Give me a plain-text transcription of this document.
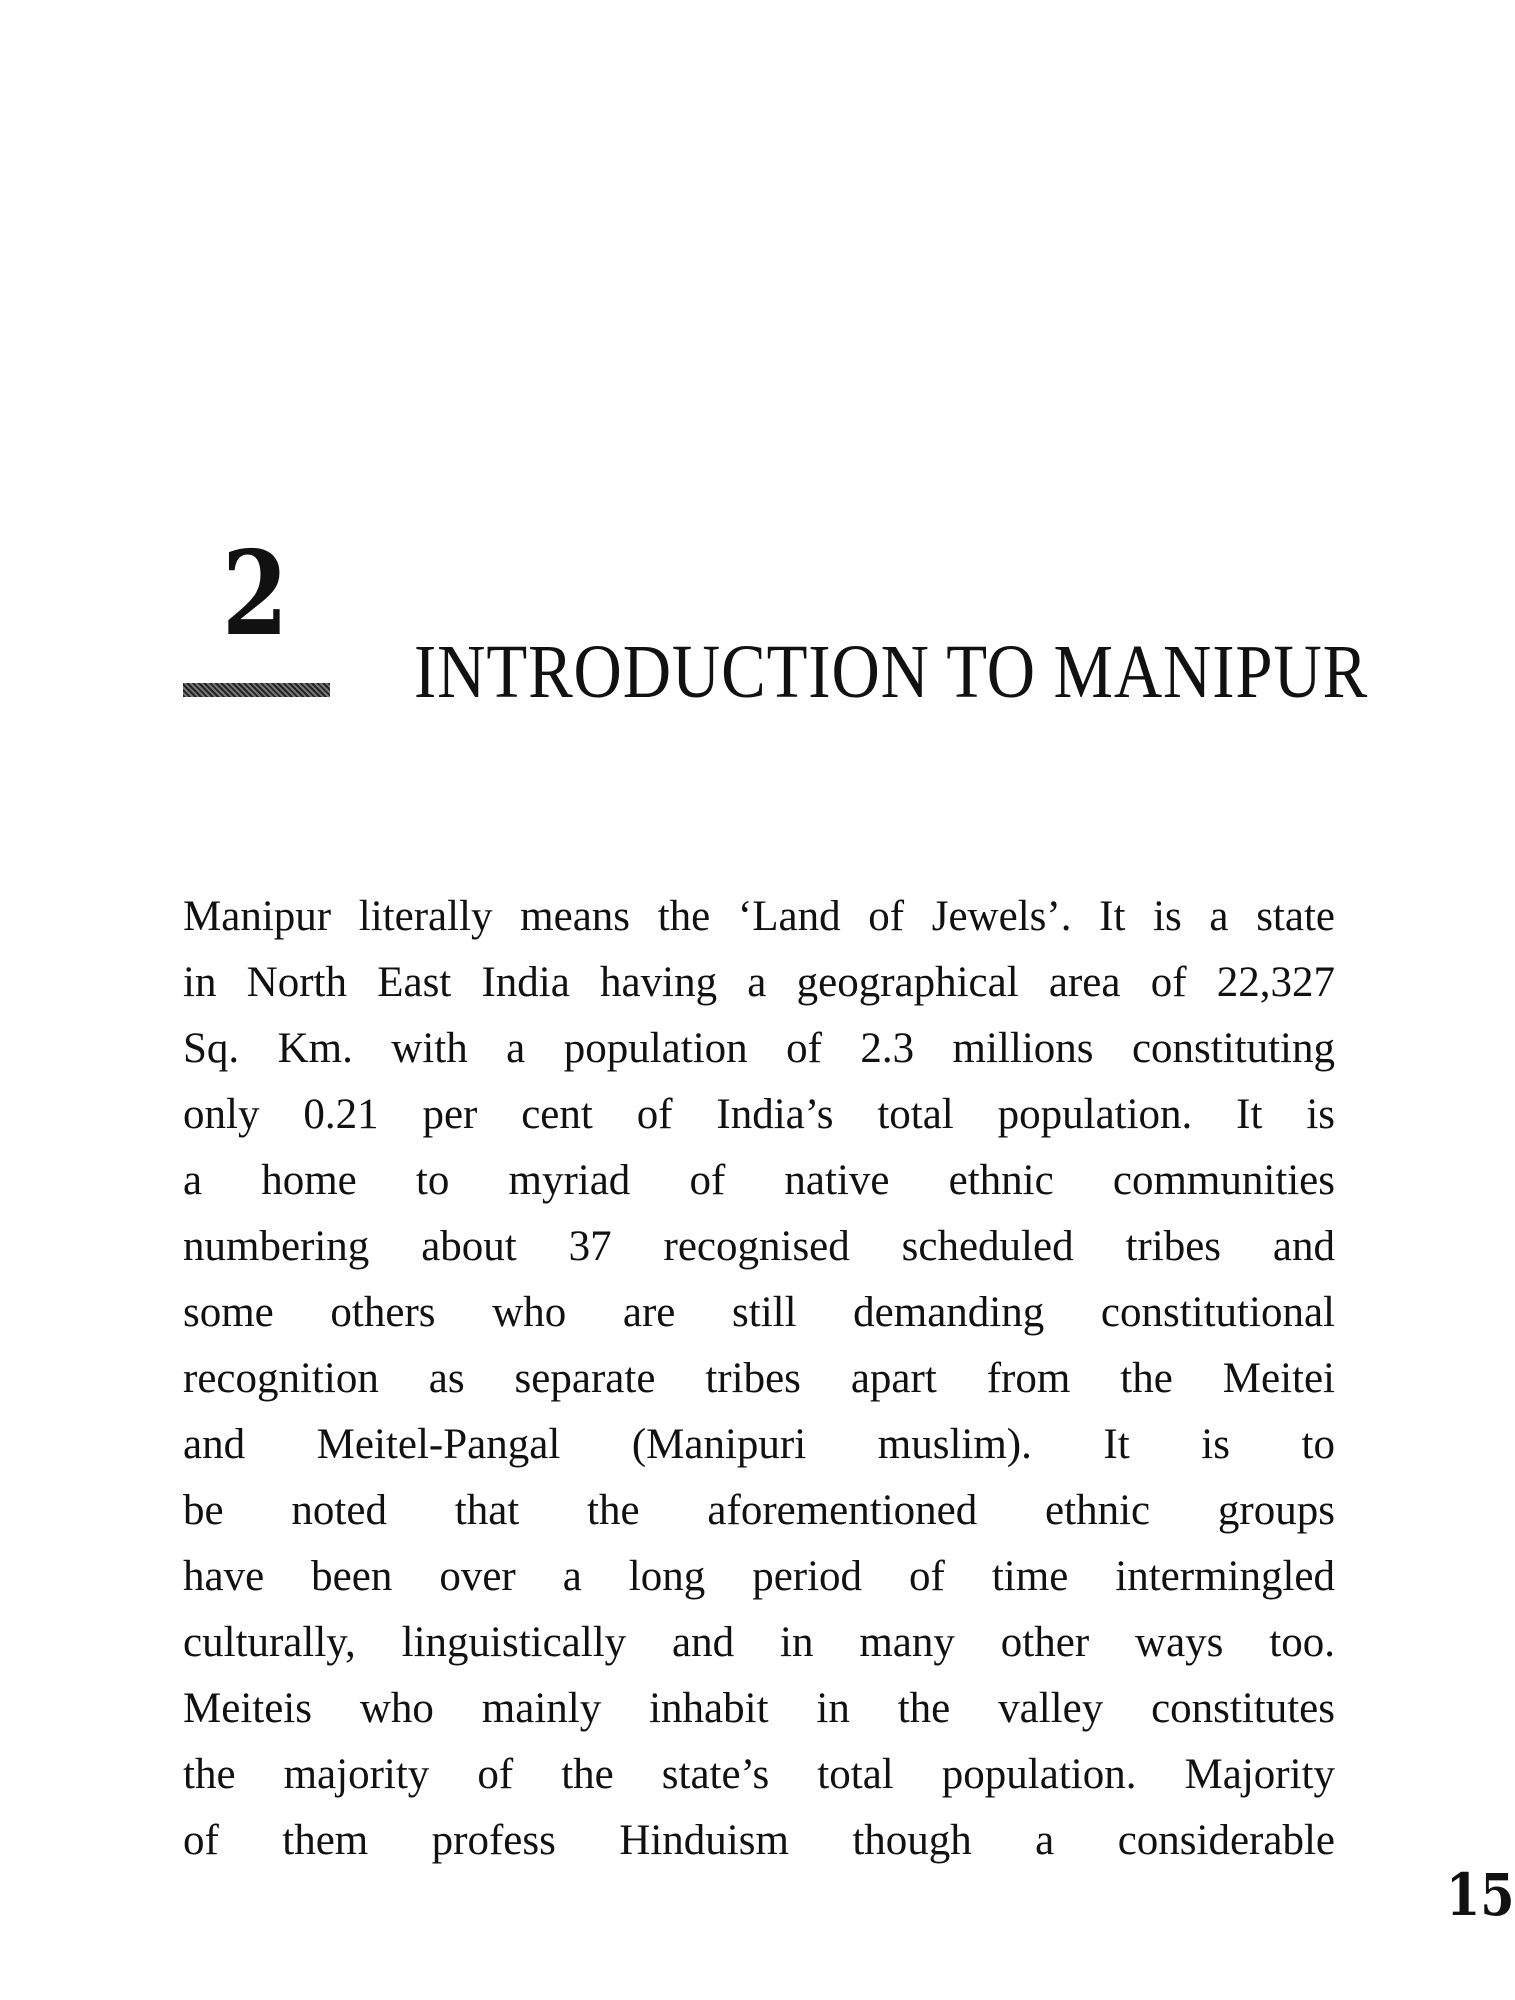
2
INTRODUCTION TO MANIPUR
Manipur literally means the ‘Land of Jewels’. It is a state
in North East India having a geographical area of 22,327
Sq. Km. with a population of 2.3 millions constituting
only 0.21 per cent of India’s total population. It is
a home to myriad of native ethnic communities
numbering about 37 recognised scheduled tribes and
some others who are still demanding constitutional
recognition as separate tribes apart from the Meitei
and Meitel-Pangal (Manipuri muslim). It is to
be noted that the aforementioned ethnic groups
have been over a long period of time intermingled
culturally, linguistically and in many other ways too.
Meiteis who mainly inhabit in the valley constitutes
the majority of the state’s total population. Majority
of them profess Hinduism though a considerable
15
